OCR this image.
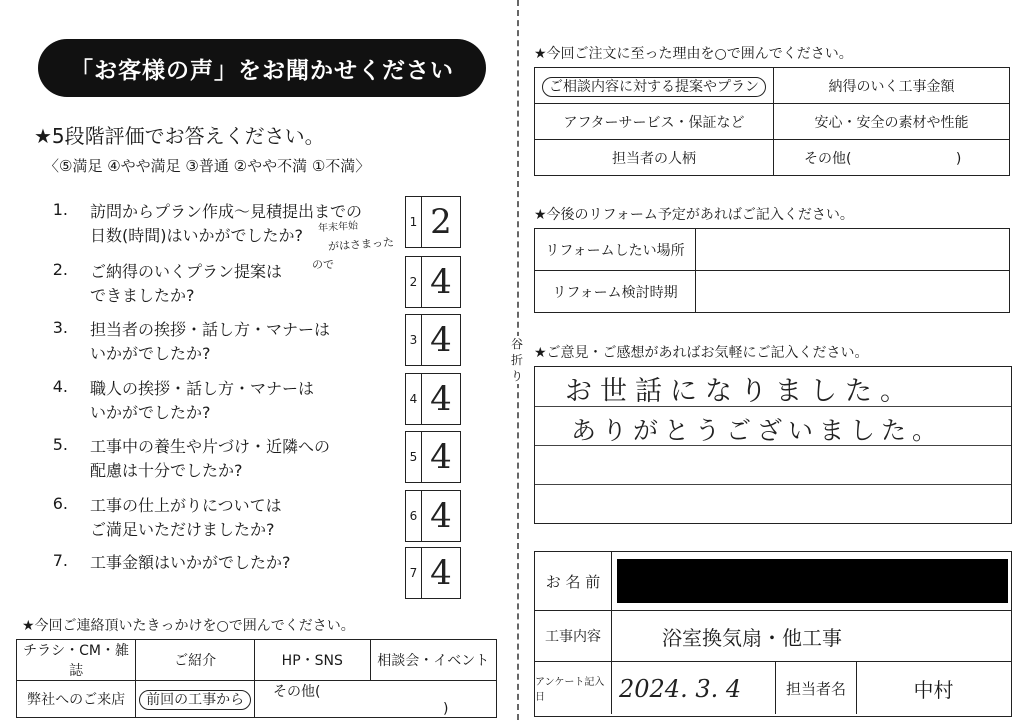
「お客様の声」をお聞かせください
谷 折 り
★5段階評価でお答えください。
〈⑤満足 ④やや満足 ③普通 ②やや不満 ①不満〉
1. 訪問からプラン作成〜見積提出までの
日数(時間)はいかがでしたか?
1 2
2. ご納得のいくプラン提案は
できましたか?
2 4
3. 担当者の挨拶・話し方・マナーは
いかがでしたか?
3 4
4. 職人の挨拶・話し方・マナーは
いかがでしたか?
4 4
5. 工事中の養生や片づけ・近隣への
配慮は十分でしたか?
5 4
6. 工事の仕上がりについては
ご満足いただけましたか?
6 4
7. 工事金額はいかがでしたか?
7 4
年末年始
がはさまった
ので
★今回ご連絡頂いたきっかけを○で囲んでください。
チラシ・CM・雑誌	ご紹介	HP・SNS	相談会・イベント
弊社へのご来店	前回の工事から	その他( )	
★今回ご注文に至った理由を○で囲んでください。
ご相談内容に対する提案やプラン	納得のいく工事金額
アフターサービス・保証など	安心・安全の素材や性能
担当者の人柄	その他( )
★今後のリフォーム予定があればご記入ください。
リフォームしたい場所	
リフォーム検討時期	
★ご意見・ご感想があればお気軽にご記入ください。
お世話になりました。
ありがとうございました。
お 名 前
工事内容	浴室換気扇・他工事
アンケート記入日	2024. 3. 4	担当者名	中村
